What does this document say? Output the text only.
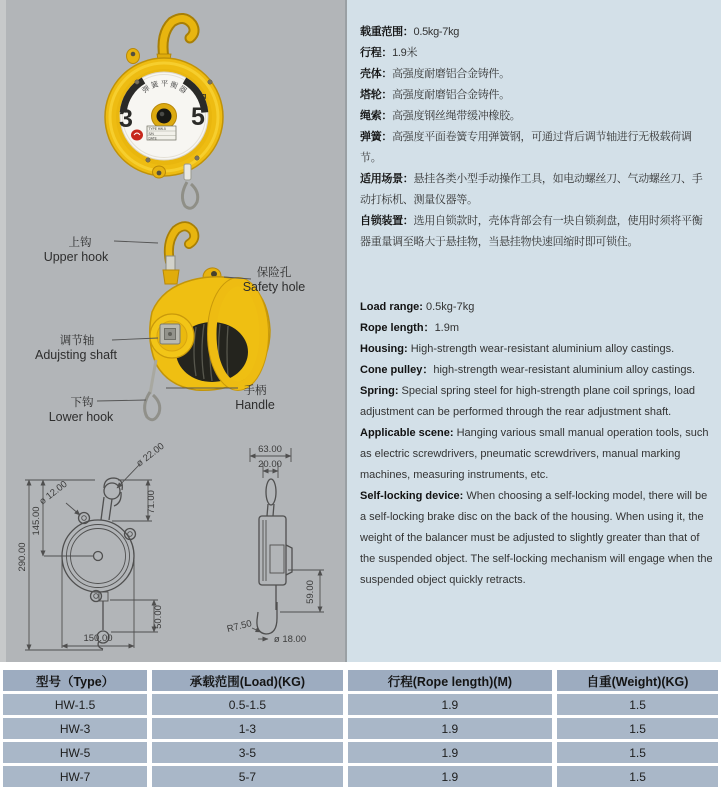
弹簧平衡器
3 5
kg
TYPE HW-5
S/N
DATE
上钩
Upper hook
保险孔
Safety hole
调节轴
Adujsting shaft
手柄
Handle
下钩
Lower hook
290.00
145.00
ø 12.00
ø 22.00
71.00
50.00
150.00
63.00
20.00
59.00
R7.50
ø 18.00

载重范围：0.5kg-7kg

行程：1.9米

壳体：高强度耐磨铝合金铸件。

塔轮：高强度耐磨铝合金铸件。

绳索：高强度钢丝绳带缓冲橡胶。

弹簧：高强度平面卷簧专用弹簧钢，可通过背后调节轴进行无极载荷调节。

适用场景：悬挂各类小型手动操作工具，如电动螺丝刀、气动螺丝刀、手动打标机、测量仪器等。

自锁装置：选用自锁款时，壳体背部会有一块自锁刹盘，使用时须将平衡器重量调至略大于悬挂物，当悬挂物快速回缩时即可锁住。

Load range: 0.5kg-7kg

Rope length：1.9m

Housing: High-strength wear-resistant aluminium alloy castings.

Cone pulley：high-strength wear-resistant aluminium alloy castings.

Spring: Special spring steel for high-strength plane coil springs, load adjustment can be performed through the rear adjustment shaft.

Applicable scene: Hanging various small manual operation tools, such as electric screwdrivers, pneumatic screwdrivers, manual marking machines, measuring instruments, etc.

Self-locking device: When choosing a self-locking model, there will be a self-locking brake disc on the back of the housing. When using it, the weight of the balancer must be adjusted to slightly greater than that of the suspended object. The self-locking mechanism will engage when the suspended object quickly retracts.

型号（Type）	承载范围(Load)(KG)	行程(Rope length)(M)	自重(Weight)(KG)
HW-1.5	0.5-1.5	1.9	1.5
HW-3	1-3	1.9	1.5
HW-5	3-5	1.9	1.5
HW-7	5-7	1.9	1.5
